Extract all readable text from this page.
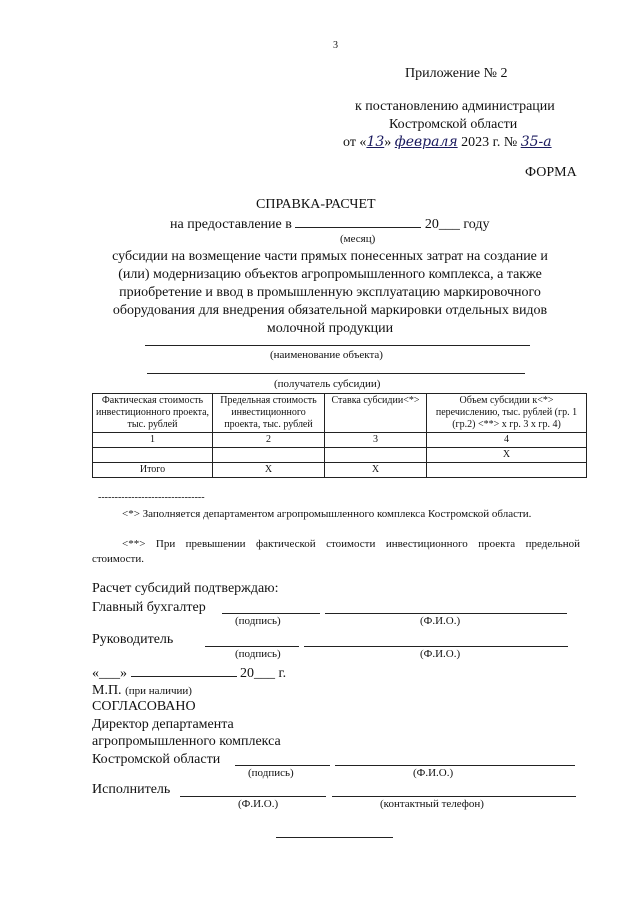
3
Приложение № 2
к постановлению администрации
Костромской области
от «13» февраля 2023 г. № 35-а
ФОРМА
СПРАВКА-РАСЧЕТ
на предоставление в	20___ году
(месяц)
субсидии на возмещение части прямых понесенных затрат на создание и
(или) модернизацию объектов агропромышленного комплекса, а также
приобретение и ввод в промышленную эксплуатацию маркировочного
оборудования для внедрения обязательной маркировки отдельных видов
молочной продукции
(наименование объекта)
(получатель субсидии)
Фактическая стоимость инвестиционного проекта, тыс. рублей	Предельная стоимость инвестиционного проекта, тыс. рублей	Ставка субсидии<*>	Объем субсидии к<*> перечислению, тыс. рублей (гр. 1 (гр.2) <**> x гр. 3 x гр. 4)
1	2	3	4
			X
Итого	X	X	
--------------------------------
<*> Заполняется департаментом агропромышленного комплекса Костромской области.
<**> При превышении фактической стоимости инвестиционного проекта предельной стоимости.
Расчет субсидий подтверждаю:
Главный бухгалтер
(подпись)	(Ф.И.О.)
Руководитель
(подпись)	(Ф.И.О.)
«___»	20___ г.
М.П. (при наличии)
СОГЛАСОВАНО
Директор департамента
агропромышленного комплекса
Костромской области
(подпись)	(Ф.И.О.)
Исполнитель
(Ф.И.О.)	(контактный телефон)
